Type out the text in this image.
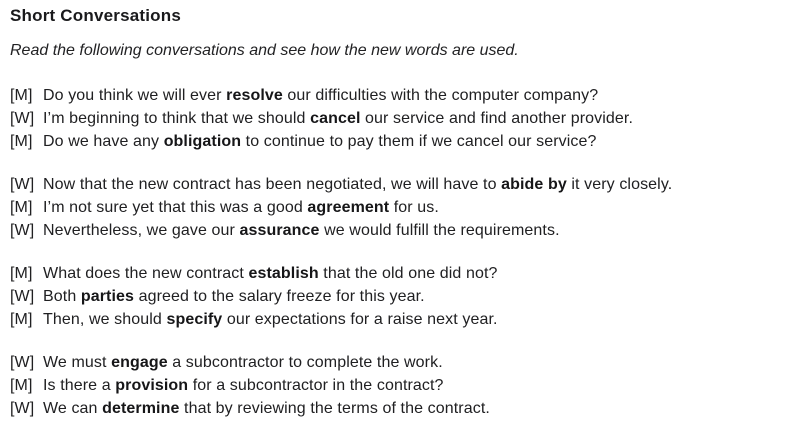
Short Conversations
Read the following conversations and see how the new words are used.
[M] Do you think we will ever resolve our difficulties with the computer company?
[W] I’m beginning to think that we should cancel our service and find another provider.
[M] Do we have any obligation to continue to pay them if we cancel our service?
[W] Now that the new contract has been negotiated, we will have to abide by it very closely.
[M] I’m not sure yet that this was a good agreement for us.
[W] Nevertheless, we gave our assurance we would fulfill the requirements.
[M] What does the new contract establish that the old one did not?
[W] Both parties agreed to the salary freeze for this year.
[M] Then, we should specify our expectations for a raise next year.
[W] We must engage a subcontractor to complete the work.
[M] Is there a provision for a subcontractor in the contract?
[W] We can determine that by reviewing the terms of the contract.
